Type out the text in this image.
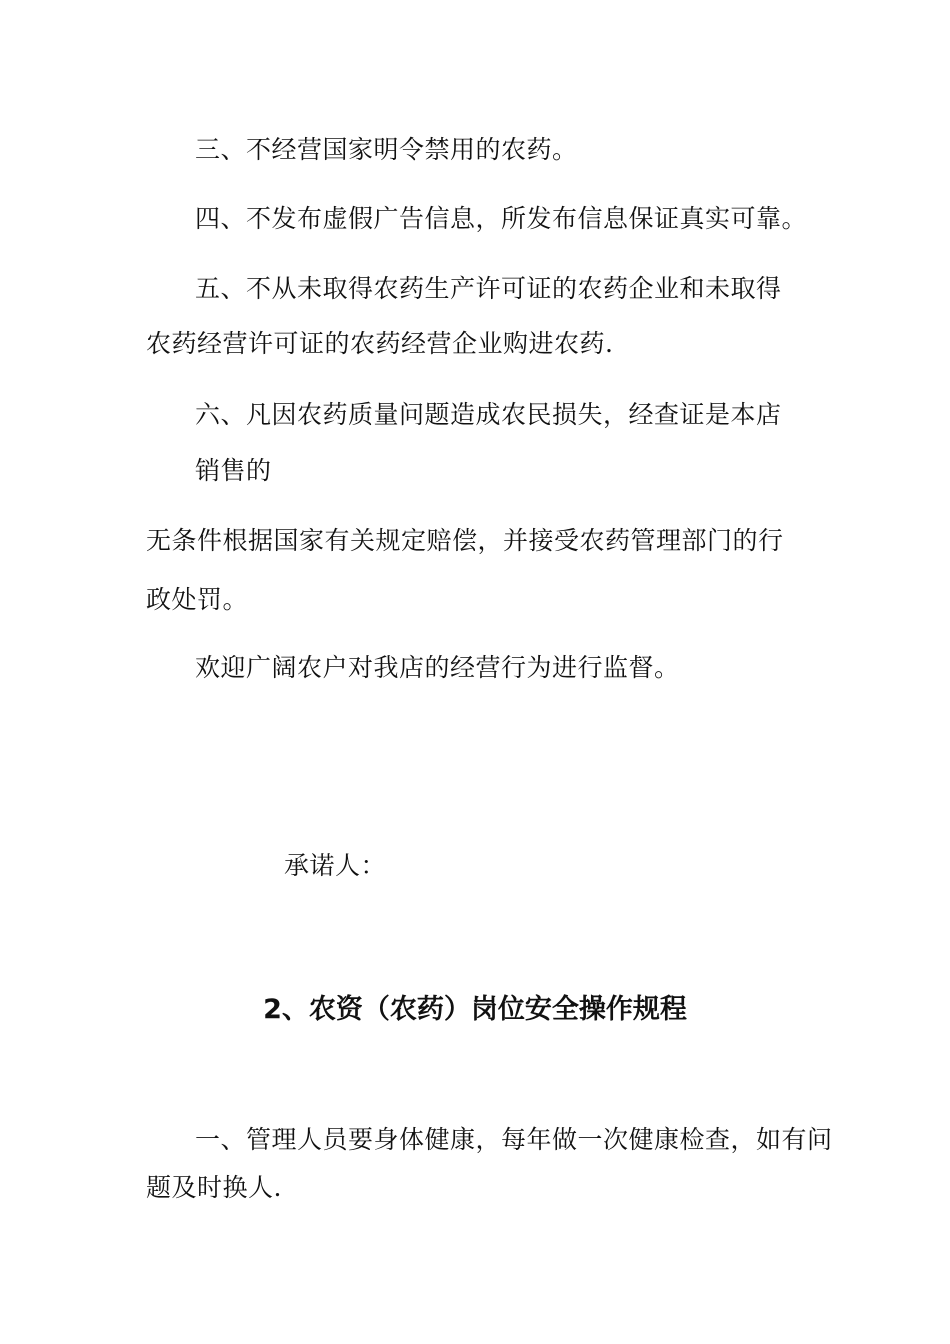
三、不经营国家明令禁用的农药。
四、不发布虚假广告信息，所发布信息保证真实可靠。
五、不从未取得农药生产许可证的农药企业和未取得
农药经营许可证的农药经营企业购进农药.
六、凡因农药质量问题造成农民损失，经查证是本店
销售的
无条件根据国家有关规定赔偿，并接受农药管理部门的行
政处罚。
欢迎广阔农户对我店的经营行为进行监督。
承诺人：
2、农资（农药）岗位安全操作规程
一、管理人员要身体健康，每年做一次健康检查，如有问
题及时换人.
